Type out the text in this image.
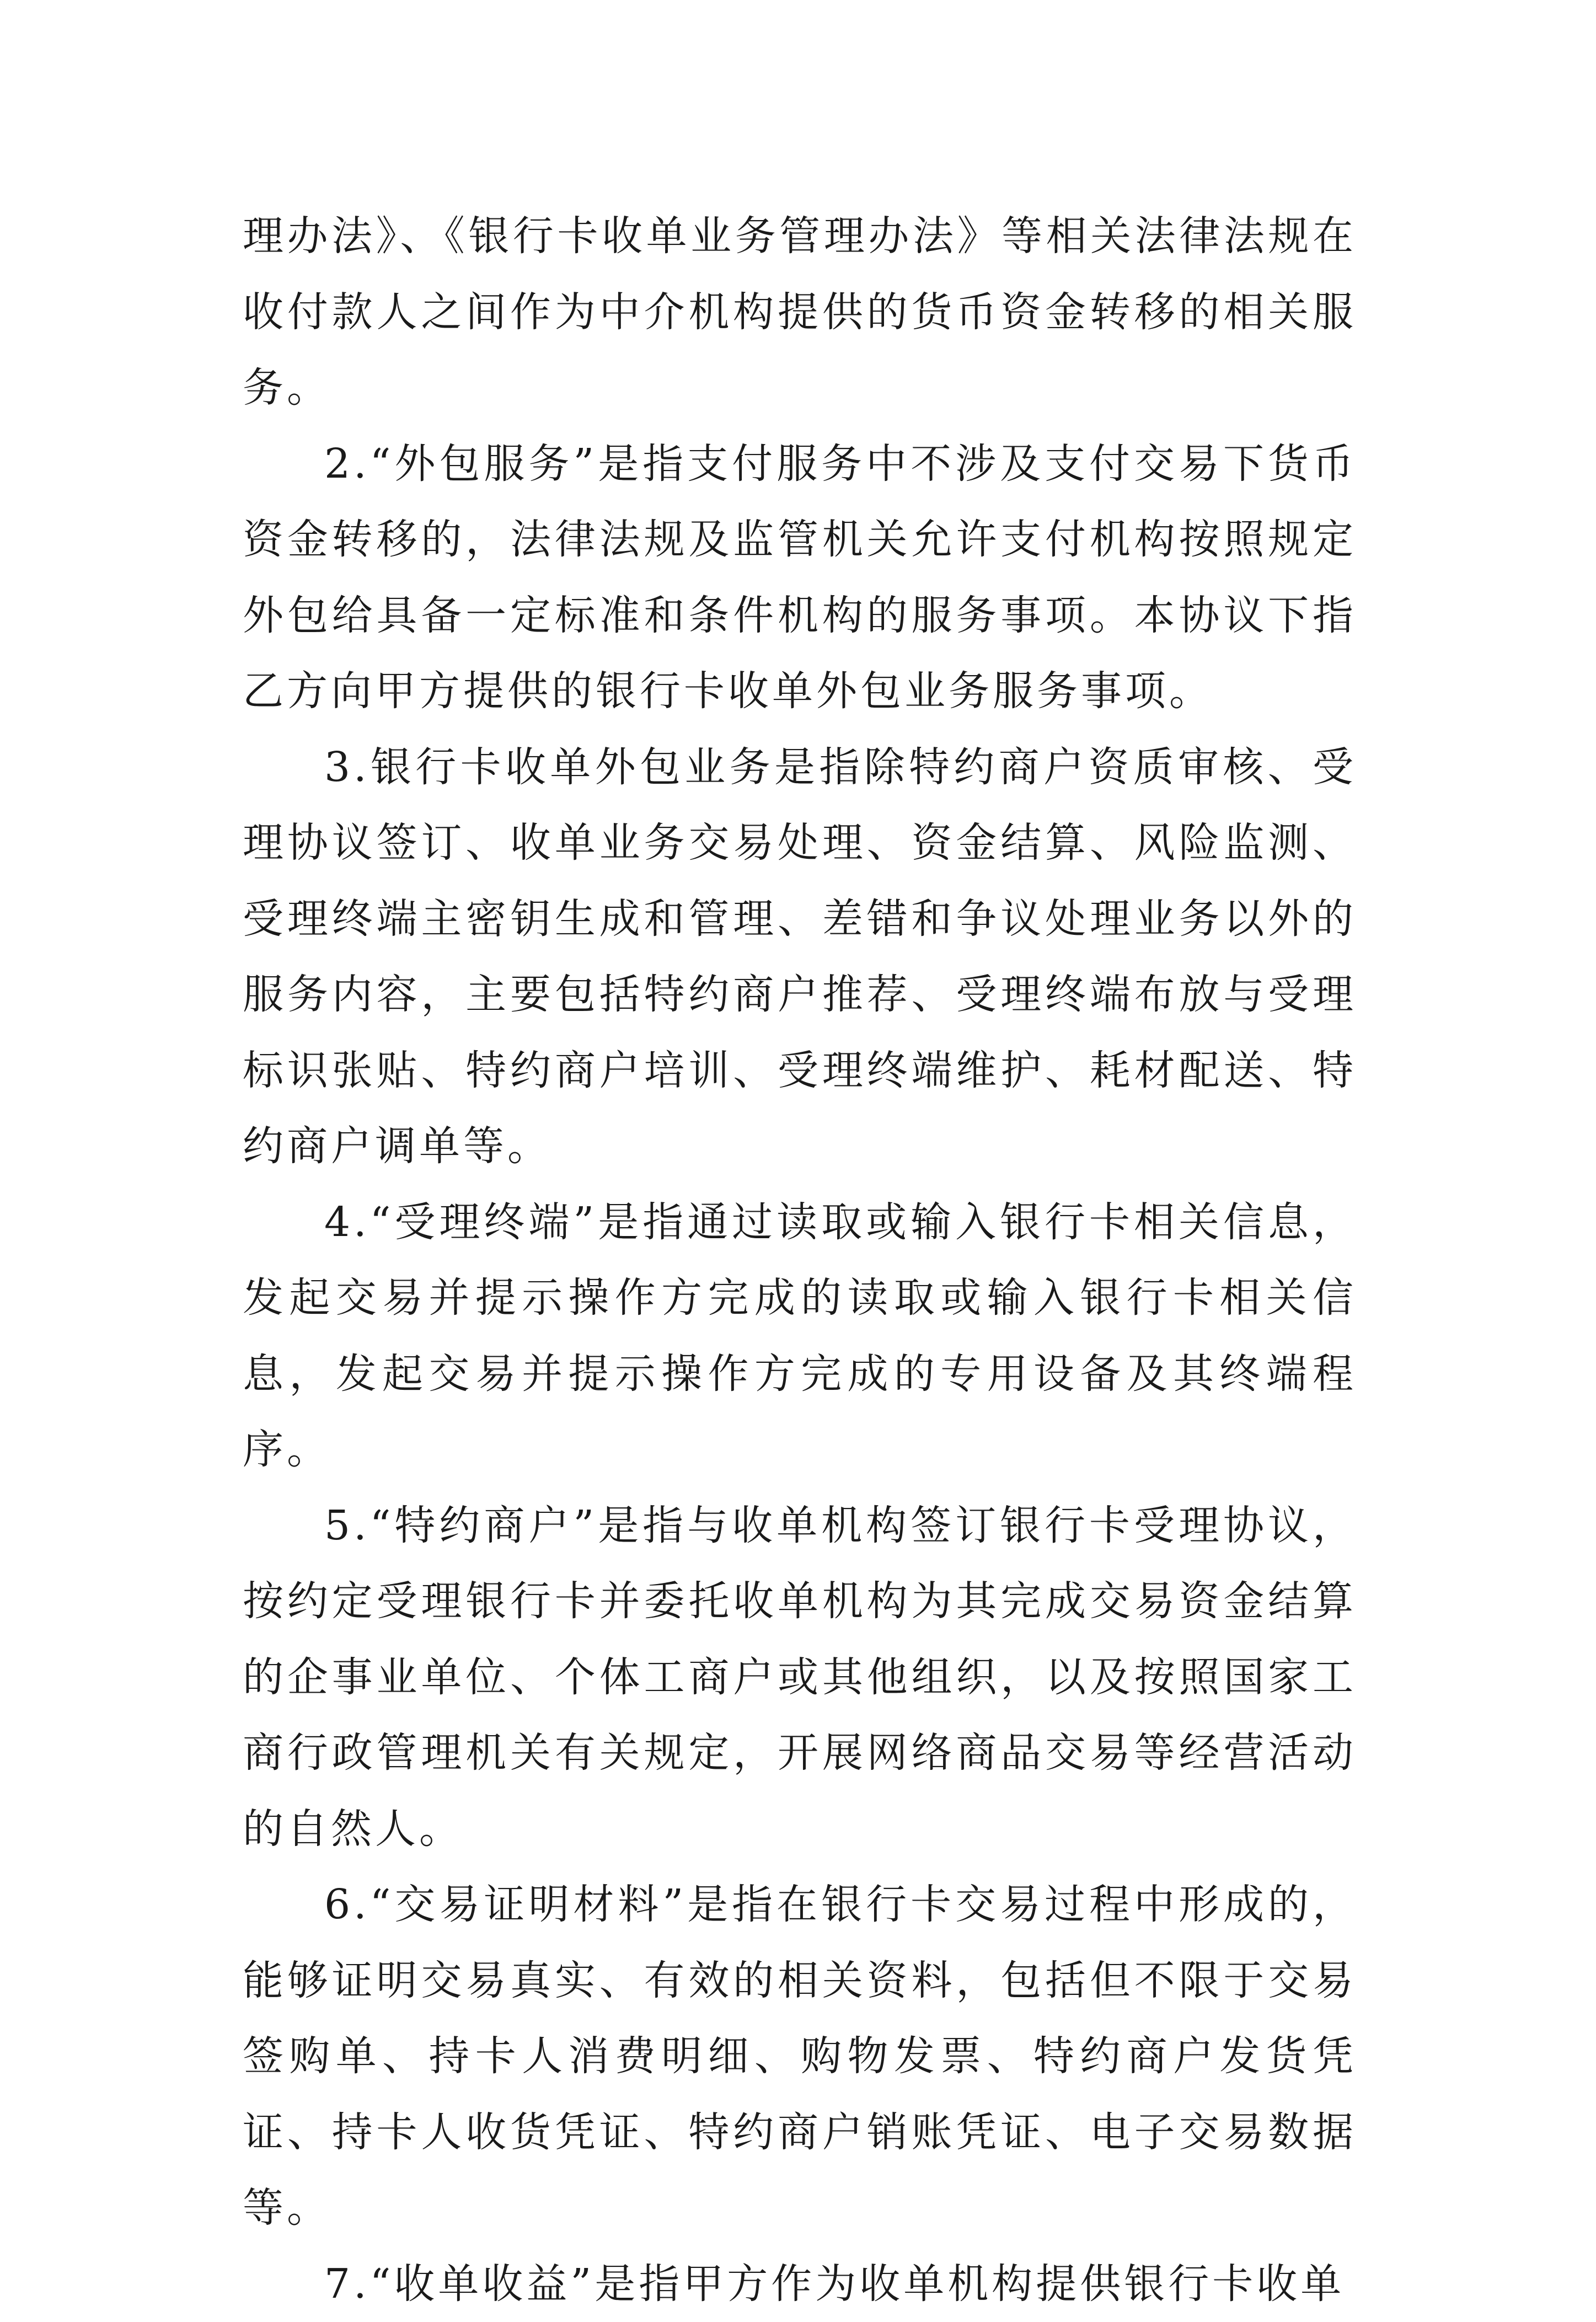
理办法》、《银行卡收单业务管理办法》等相关法律法规在收付款人之间作为中介机构提供的货币资金转移的相关服务。

2.“外包服务”是指支付服务中不涉及支付交易下货币资金转移的，法律法规及监管机关允许支付机构按照规定外包给具备一定标准和条件机构的服务事项。本协议下指乙方向甲方提供的银行卡收单外包业务服务事项。

3.银行卡收单外包业务是指除特约商户资质审核、受理协议签订、收单业务交易处理、资金结算、风险监测、受理终端主密钥生成和管理、差错和争议处理业务以外的服务内容，主要包括特约商户推荐、受理终端布放与受理标识张贴、特约商户培训、受理终端维护、耗材配送、特约商户调单等。

4.“受理终端”是指通过读取或输入银行卡相关信息，发起交易并提示操作方完成的读取或输入银行卡相关信息，发起交易并提示操作方完成的专用设备及其终端程序。

5.“特约商户”是指与收单机构签订银行卡受理协议，按约定受理银行卡并委托收单机构为其完成交易资金结算的企事业单位、个体工商户或其他组织，以及按照国家工商行政管理机关有关规定，开展网络商品交易等经营活动的自然人。

6.“交易证明材料”是指在银行卡交易过程中形成的，能够证明交易真实、有效的相关资料，包括但不限于交易签购单、持卡人消费明细、购物发票、特约商户发货凭证、持卡人收货凭证、特约商户销账凭证、电子交易数据等。

7.“收单收益”是指甲方作为收单机构提供银行卡收单
